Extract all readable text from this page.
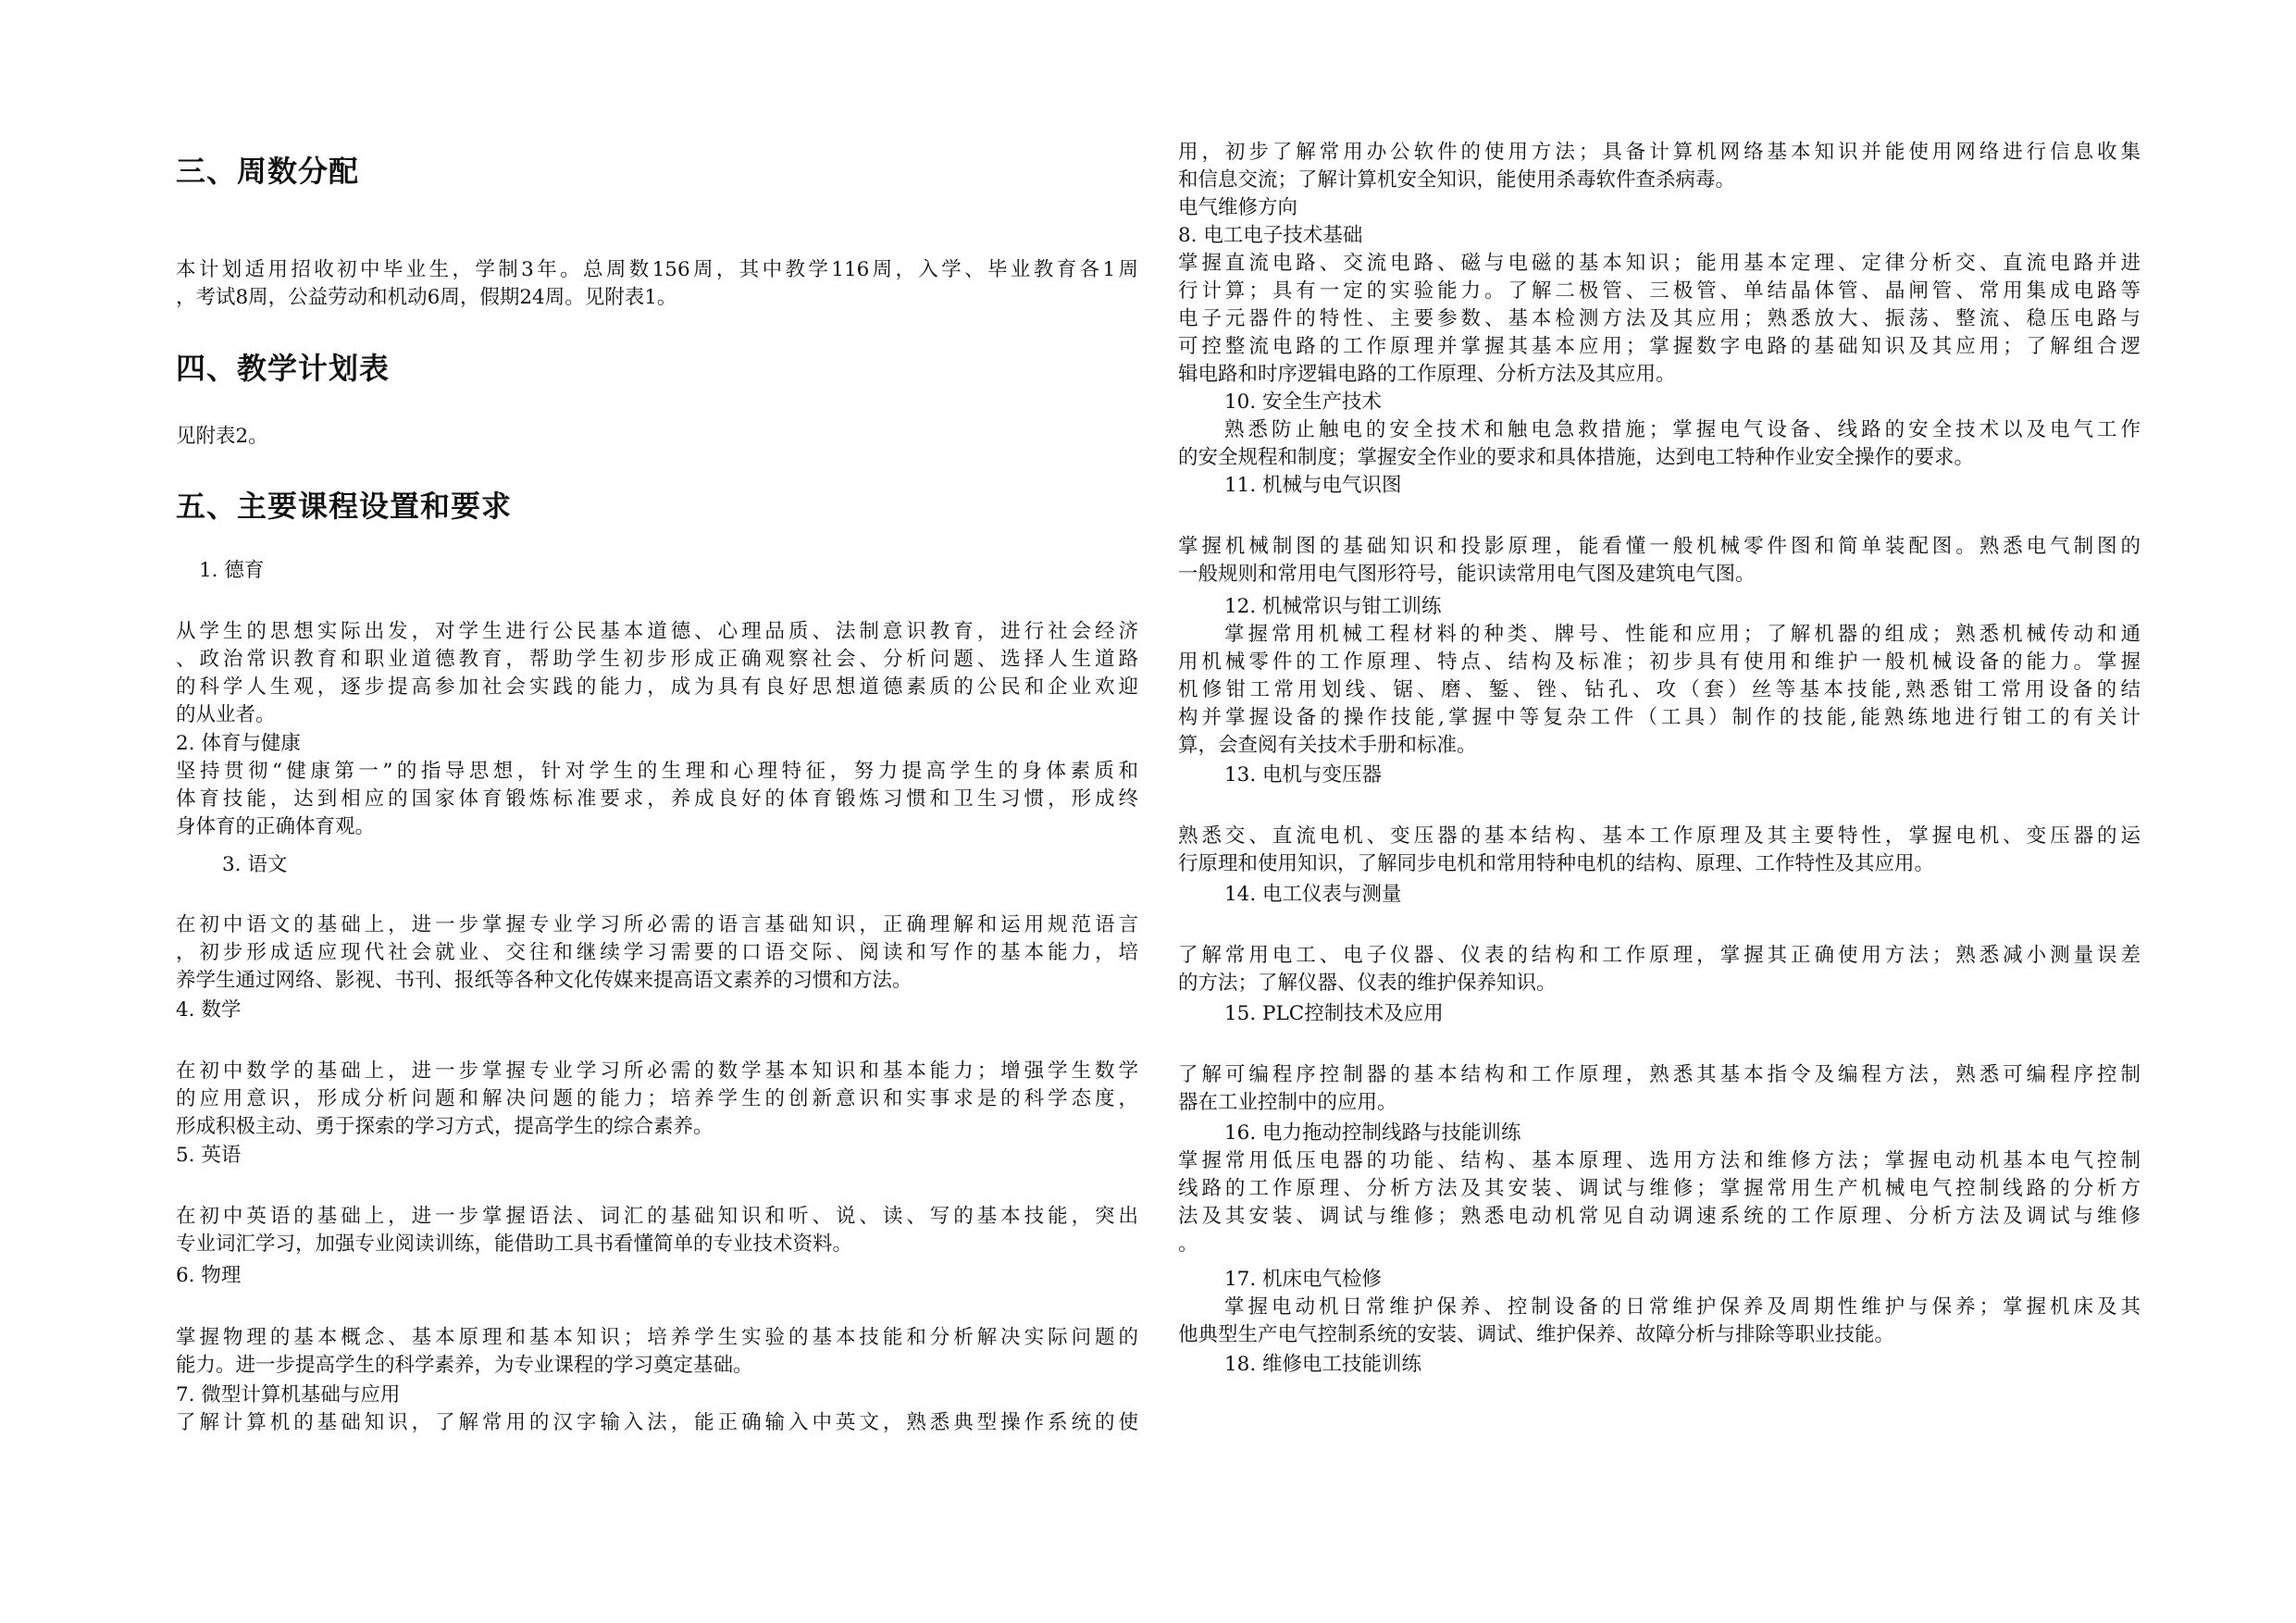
三、周数分配
本计划适用招收初中毕业生，学制3年。总周数156周，其中教学116周，入学、毕业教育各1周
，考试8周，公益劳动和机动6周，假期24周。见附表1。
四、教学计划表
见附表2。
五、主要课程设置和要求
1. 德育
从学生的思想实际出发，对学生进行公民基本道德、心理品质、法制意识教育，进行社会经济
、政治常识教育和职业道德教育，帮助学生初步形成正确观察社会、分析问题、选择人生道路
的科学人生观，逐步提高参加社会实践的能力，成为具有良好思想道德素质的公民和企业欢迎
的从业者。
2. 体育与健康
坚持贯彻“健康第一”的指导思想，针对学生的生理和心理特征，努力提高学生的身体素质和
体育技能，达到相应的国家体育锻炼标准要求，养成良好的体育锻炼习惯和卫生习惯，形成终
身体育的正确体育观。
3. 语文
在初中语文的基础上，进一步掌握专业学习所必需的语言基础知识，正确理解和运用规范语言
，初步形成适应现代社会就业、交往和继续学习需要的口语交际、阅读和写作的基本能力，培
养学生通过网络、影视、书刊、报纸等各种文化传媒来提高语文素养的习惯和方法。
4. 数学
在初中数学的基础上，进一步掌握专业学习所必需的数学基本知识和基本能力；增强学生数学
的应用意识，形成分析问题和解决问题的能力；培养学生的创新意识和实事求是的科学态度，
形成积极主动、勇于探索的学习方式，提高学生的综合素养。
5. 英语
在初中英语的基础上，进一步掌握语法、词汇的基础知识和听、说、读、写的基本技能，突出
专业词汇学习，加强专业阅读训练，能借助工具书看懂简单的专业技术资料。
6. 物理
掌握物理的基本概念、基本原理和基本知识；培养学生实验的基本技能和分析解决实际问题的
能力。进一步提高学生的科学素养，为专业课程的学习奠定基础。
7. 微型计算机基础与应用
了解计算机的基础知识，了解常用的汉字输入法，能正确输入中英文，熟悉典型操作系统的使
用，初步了解常用办公软件的使用方法；具备计算机网络基本知识并能使用网络进行信息收集
和信息交流；了解计算机安全知识，能使用杀毒软件查杀病毒。
电气维修方向
8. 电工电子技术基础
掌握直流电路、交流电路、磁与电磁的基本知识；能用基本定理、定律分析交、直流电路并进
行计算；具有一定的实验能力。了解二极管、三极管、单结晶体管、晶闸管、常用集成电路等
电子元器件的特性、主要参数、基本检测方法及其应用；熟悉放大、振荡、整流、稳压电路与
可控整流电路的工作原理并掌握其基本应用；掌握数字电路的基础知识及其应用；了解组合逻
辑电路和时序逻辑电路的工作原理、分析方法及其应用。
10. 安全生产技术
熟悉防止触电的安全技术和触电急救措施；掌握电气设备、线路的安全技术以及电气工作
的安全规程和制度；掌握安全作业的要求和具体措施，达到电工特种作业安全操作的要求。
11. 机械与电气识图
掌握机械制图的基础知识和投影原理，能看懂一般机械零件图和简单装配图。熟悉电气制图的
一般规则和常用电气图形符号，能识读常用电气图及建筑电气图。
12. 机械常识与钳工训练
掌握常用机械工程材料的种类、牌号、性能和应用；了解机器的组成；熟悉机械传动和通
用机械零件的工作原理、特点、结构及标准；初步具有使用和维护一般机械设备的能力。掌握
机修钳工常用划线、锯、磨、錾、锉、钻孔、攻（套）丝等基本技能,熟悉钳工常用设备的结
构并掌握设备的操作技能,掌握中等复杂工件（工具）制作的技能,能熟练地进行钳工的有关计
算，会查阅有关技术手册和标准。
13. 电机与变压器
熟悉交、直流电机、变压器的基本结构、基本工作原理及其主要特性，掌握电机、变压器的运
行原理和使用知识，了解同步电机和常用特种电机的结构、原理、工作特性及其应用。
14. 电工仪表与测量
了解常用电工、电子仪器、仪表的结构和工作原理，掌握其正确使用方法；熟悉减小测量误差
的方法；了解仪器、仪表的维护保养知识。
15. PLC控制技术及应用
了解可编程序控制器的基本结构和工作原理，熟悉其基本指令及编程方法，熟悉可编程序控制
器在工业控制中的应用。
16. 电力拖动控制线路与技能训练
掌握常用低压电器的功能、结构、基本原理、选用方法和维修方法；掌握电动机基本电气控制
线路的工作原理、分析方法及其安装、调试与维修；掌握常用生产机械电气控制线路的分析方
法及其安装、调试与维修；熟悉电动机常见自动调速系统的工作原理、分析方法及调试与维修
。
17. 机床电气检修
掌握电动机日常维护保养、控制设备的日常维护保养及周期性维护与保养；掌握机床及其
他典型生产电气控制系统的安装、调试、维护保养、故障分析与排除等职业技能。
18. 维修电工技能训练
